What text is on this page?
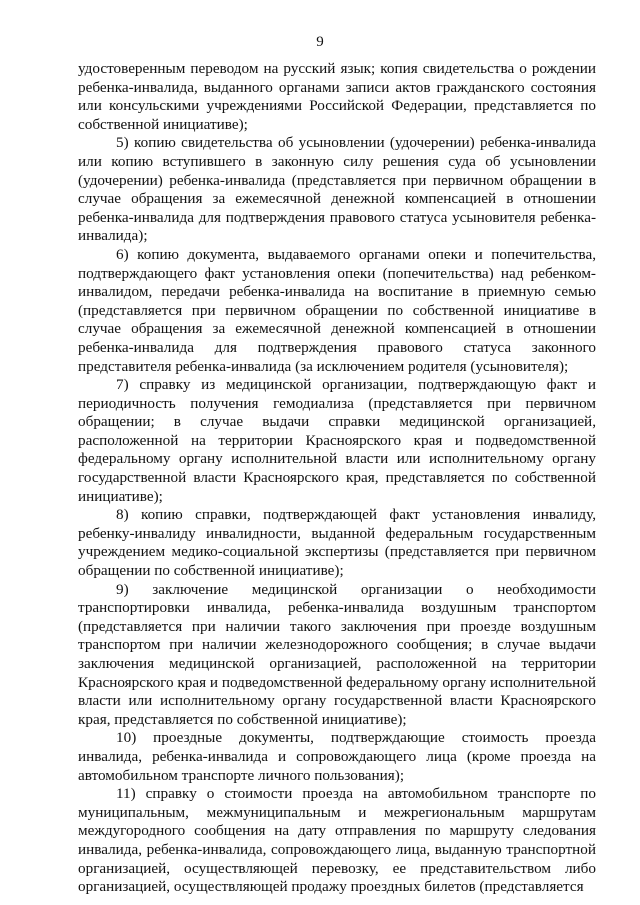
9

удостоверенным переводом на русский язык; копия свидетельства о рождении ребенка-инвалида, выданного органами записи актов гражданского состояния или консульскими учреждениями Российской Федерации, представляется по собственной инициативе);

5) копию свидетельства об усыновлении (удочерении) ребенка-инвалида или копию вступившего в законную силу решения суда об усыновлении (удочерении) ребенка-инвалида (представляется при первичном обращении в случае обращения за ежемесячной денежной компенсацией в отношении ребенка-инвалида для подтверждения правового статуса усыновителя ребенка-инвалида);

6) копию документа, выдаваемого органами опеки и попечительства, подтверждающего факт установления опеки (попечительства) над ребенком-инвалидом, передачи ребенка-инвалида на воспитание в приемную семью (представляется при первичном обращении по собственной инициативе в случае обращения за ежемесячной денежной компенсацией в отношении ребенка-инвалида для подтверждения правового статуса законного представителя ребенка-инвалида (за исключением родителя (усыновителя);

7) справку из медицинской организации, подтверждающую факт и периодичность получения гемодиализа (представляется при первичном обращении; в случае выдачи справки медицинской организацией, расположенной на территории Красноярского края и подведомственной федеральному органу исполнительной власти или исполнительному органу государственной власти Красноярского края, представляется по собственной инициативе);

8) копию справки, подтверждающей факт установления инвалиду, ребенку-инвалиду инвалидности, выданной федеральным государственным учреждением медико-социальной экспертизы (представляется при первичном обращении по собственной инициативе);

9) заключение медицинской организации о необходимости транспортировки инвалида, ребенка-инвалида воздушным транспортом (представляется при наличии такого заключения при проезде воздушным транспортом при наличии железнодорожного сообщения; в случае выдачи заключения медицинской организацией, расположенной на территории Красноярского края и подведомственной федеральному органу исполнительной власти или исполнительному органу государственной власти Красноярского края, представляется по собственной инициативе);

10) проездные документы, подтверждающие стоимость проезда инвалида, ребенка-инвалида и сопровождающего лица (кроме проезда на автомобильном транспорте личного пользования);

11) справку о стоимости проезда на автомобильном транспорте по муниципальным, межмуниципальным и межрегиональным маршрутам междугородного сообщения на дату отправления по маршруту следования инвалида, ребенка-инвалида, сопровождающего лица, выданную транспортной организацией, осуществляющей перевозку, ее представительством либо организацией, осуществляющей продажу проездных билетов (представляется
